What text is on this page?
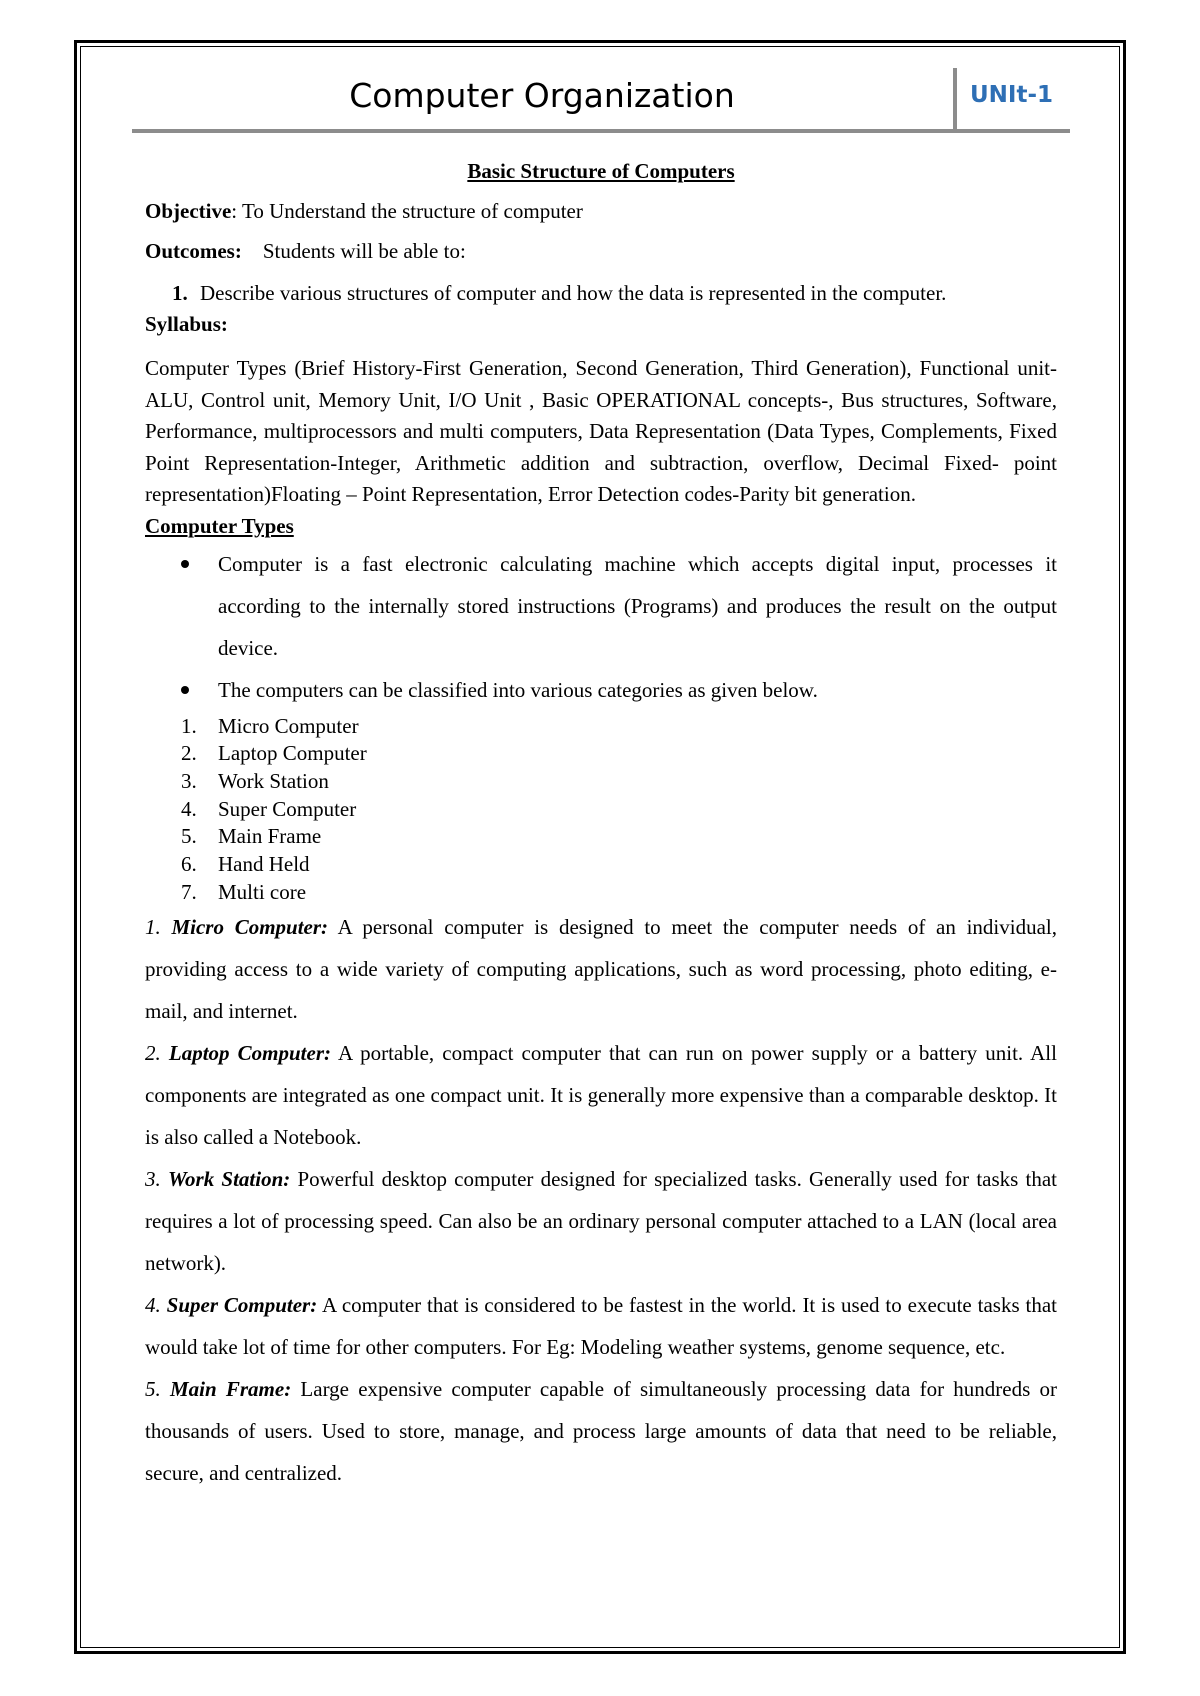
Computer Organization	UNIt-1

Basic Structure of Computers

Objective: To Understand the structure of computer

Outcomes: Students will be able to:

1. Describe various structures of computer and how the data is represented in the computer.

Syllabus:

Computer Types (Brief History-First Generation, Second Generation, Third Generation), Functional unit-ALU, Control unit, Memory Unit, I/O Unit , Basic OPERATIONAL concepts-, Bus structures, Software, Performance, multiprocessors and multi computers, Data Representation (Data Types, Complements, Fixed Point Representation-Integer, Arithmetic addition and subtraction, overflow, Decimal Fixed- point representation)Floating – Point Representation, Error Detection codes-Parity bit generation.

Computer Types

Computer is a fast electronic calculating machine which accepts digital input, processes it according to the internally stored instructions (Programs) and produces the result on the output device.
The computers can be classified into various categories as given below.
1. Micro Computer
2. Laptop Computer
3. Work Station
4. Super Computer
5. Main Frame
6. Hand Held
7. Multi core

1. Micro Computer: A personal computer is designed to meet the computer needs of an individual, providing access to a wide variety of computing applications, such as word processing, photo editing, e-mail, and internet.

2. Laptop Computer: A portable, compact computer that can run on power supply or a battery unit. All components are integrated as one compact unit. It is generally more expensive than a comparable desktop. It is also called a Notebook.

3. Work Station: Powerful desktop computer designed for specialized tasks. Generally used for tasks that requires a lot of processing speed. Can also be an ordinary personal computer attached to a LAN (local area network).

4. Super Computer: A computer that is considered to be fastest in the world. It is used to execute tasks that would take lot of time for other computers. For Eg: Modeling weather systems, genome sequence, etc.

5. Main Frame: Large expensive computer capable of simultaneously processing data for hundreds or thousands of users. Used to store, manage, and process large amounts of data that need to be reliable, secure, and centralized.
